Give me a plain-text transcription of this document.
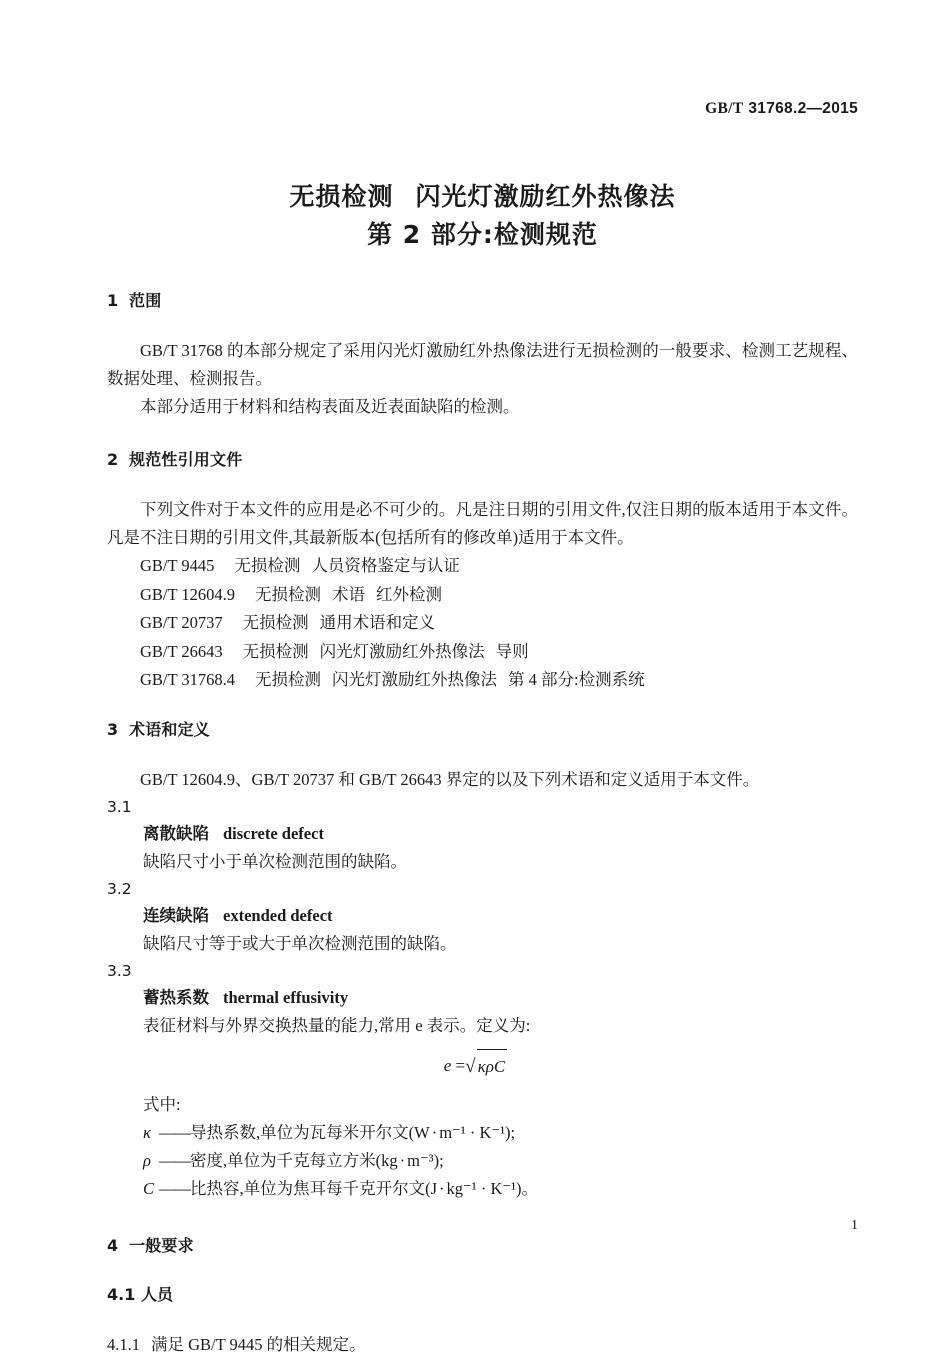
GB/T 31768.2—2015
无损检测 闪光灯激励红外热像法
第 2 部分:检测规范
1 范围

GB/T 31768 的本部分规定了采用闪光灯激励红外热像法进行无损检测的一般要求、检测工艺规程、数据处理、检测报告。

本部分适用于材料和结构表面及近表面缺陷的检测。

2 规范性引用文件

下列文件对于本文件的应用是必不可少的。凡是注日期的引用文件,仅注日期的版本适用于本文件。凡是不注日期的引用文件,其最新版本(包括所有的修改单)适用于本文件。

GB/T 9445 无损检测 人员资格鉴定与认证

GB/T 12604.9 无损检测 术语 红外检测

GB/T 20737 无损检测 通用术语和定义

GB/T 26643 无损检测 闪光灯激励红外热像法 导则

GB/T 31768.4 无损检测 闪光灯激励红外热像法 第 4 部分:检测系统

3 术语和定义

GB/T 12604.9、GB/T 20737 和 GB/T 26643 界定的以及下列术语和定义适用于本文件。

3.1

离散缺陷 discrete defect

缺陷尺寸小于单次检测范围的缺陷。

3.2

连续缺陷 extended defect

缺陷尺寸等于或大于单次检测范围的缺陷。

3.3

蓄热系数 thermal effusivity

表征材料与外界交换热量的能力,常用 e 表示。定义为:

e =√ κρC

式中:

κ ——导热系数,单位为瓦每米开尔文(W · m⁻¹ · K⁻¹);

ρ ——密度,单位为千克每立方米(kg · m⁻³);

C ——比热容,单位为焦耳每千克开尔文(J · kg⁻¹ · K⁻¹)。

4 一般要求
4.1 人员

4.1.1 满足 GB/T 9445 的相关规定。

1
